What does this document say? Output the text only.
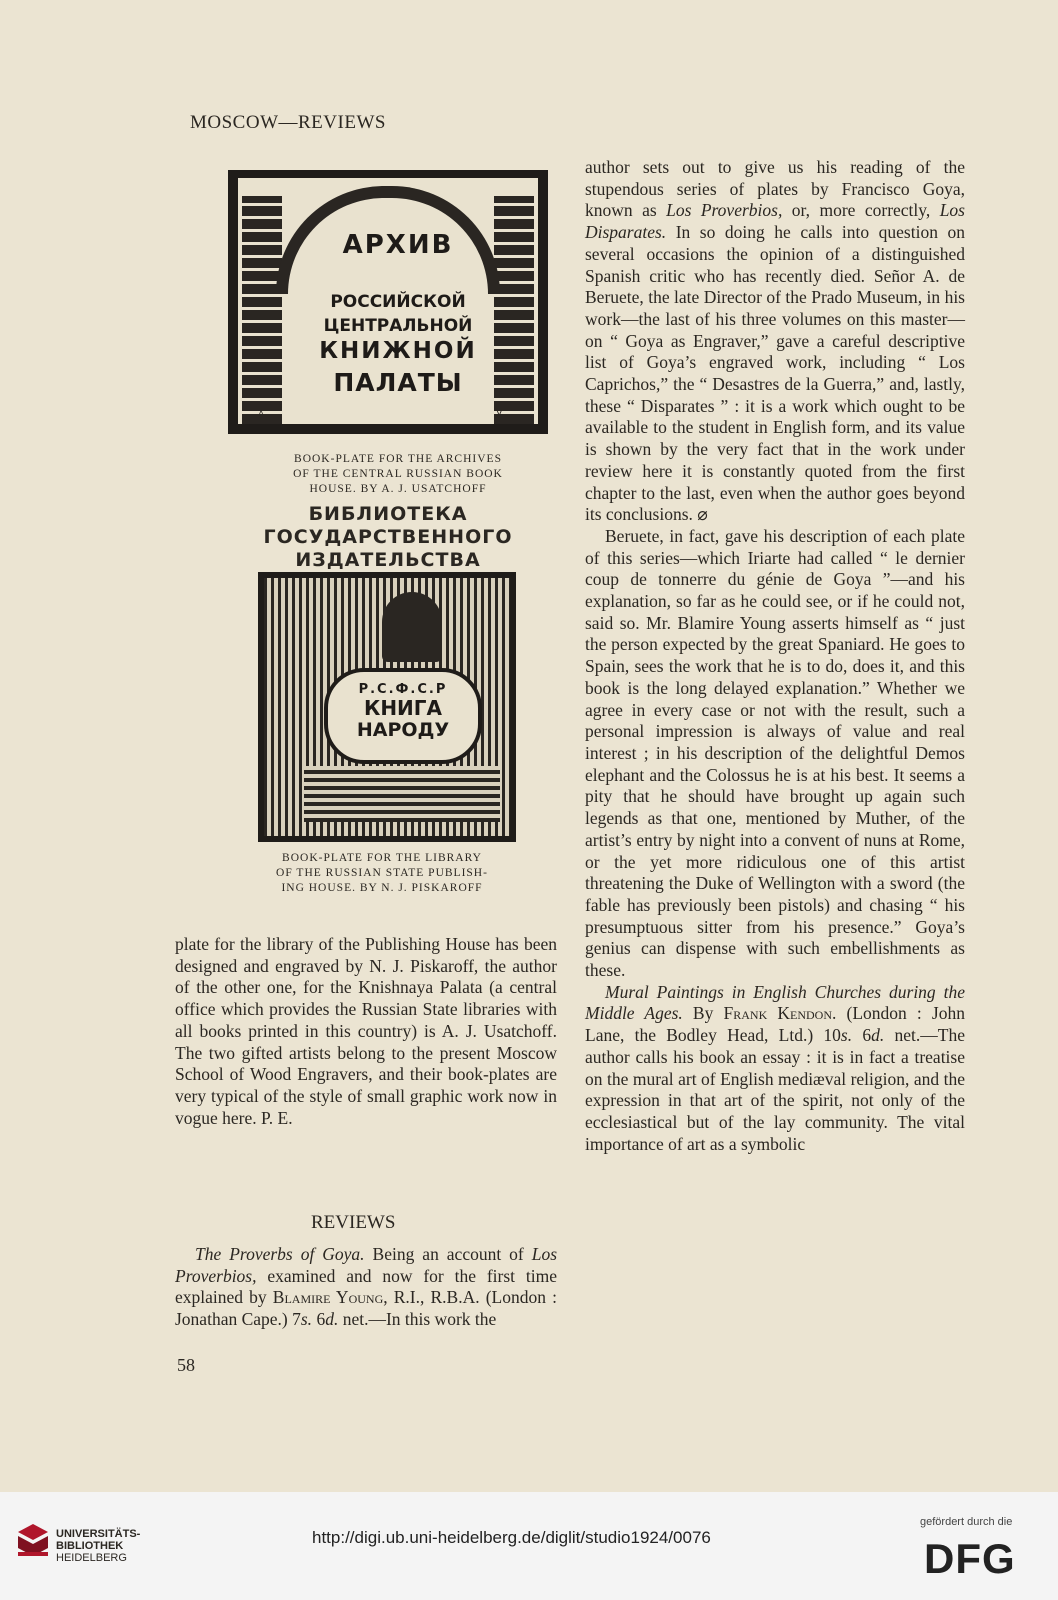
MOSCOW—REVIEWS
АРХИВ
РОССИЙСКОЙ
ЦЕНТРАЛЬНОЙ
КНИЖНОЙ
ПАЛАТЫ
А	У
BOOK-PLATE FOR THE ARCHIVES
OF THE CENTRAL RUSSIAN BOOK
HOUSE. BY A. J. USATCHOFF
БИБЛИОТЕКА
ГОСУДАРСТВЕННОГО
ИЗДАТЕЛЬСТВА
Р.С.Ф.С.Р
КНИГА
НАРОДУ
BOOK-PLATE FOR THE LIBRARY
OF THE RUSSIAN STATE PUBLISH-
ING HOUSE. BY N. J. PISKAROFF

plate for the library of the Publishing House has been designed and engraved by N. J. Piskaroff, the author of the other one, for the Knishnaya Palata (a central office which provides the Russian State libraries with all books printed in this country) is A. J. Usatchoff. The two gifted artists belong to the present Moscow School of Wood Engravers, and their book-plates are very typical of the style of small graphic work now in vogue here. P. E.

REVIEWS

The Proverbs of Goya. Being an account of Los Proverbios, examined and now for the first time explained by Blamire Young, R.I., R.B.A. (London : Jonathan Cape.) 7s. 6d. net.—In this work the

58

author sets out to give us his reading of the stupendous series of plates by Francisco Goya, known as Los Proverbios, or, more correctly, Los Disparates. In so doing he calls into question on several occasions the opinion of a distinguished Spanish critic who has recently died. Señor A. de Beruete, the late Director of the Prado Museum, in his work—the last of his three volumes on this master—on “ Goya as Engraver,” gave a careful descriptive list of Goya’s engraved work, including “ Los Caprichos,” the “ Desastres de la Guerra,” and, lastly, these “ Disparates ” : it is a work which ought to be available to the student in English form, and its value is shown by the very fact that in the work under review here it is constantly quoted from the first chapter to the last, even when the author goes beyond its conclusions. ⌀

Beruete, in fact, gave his description of each plate of this series—which Iriarte had called “ le dernier coup de tonnerre du génie de Goya ”—and his explanation, so far as he could see, or if he could not, said so. Mr. Blamire Young asserts himself as “ just the person expected by the great Spaniard. He goes to Spain, sees the work that he is to do, does it, and this book is the long delayed explanation.” Whether we agree in every case or not with the result, such a personal impression is always of value and real interest ; in his description of the delightful Demos elephant and the Colossus he is at his best. It seems a pity that he should have brought up again such legends as that one, mentioned by Muther, of the artist’s entry by night into a convent of nuns at Rome, or the yet more ridiculous one of this artist threatening the Duke of Wellington with a sword (the fable has previously been pistols) and chasing “ his presumptuous sitter from his presence.” Goya’s genius can dispense with such embellishments as these.

Mural Paintings in English Churches during the Middle Ages. By Frank Kendon. (London : John Lane, the Bodley Head, Ltd.) 10s. 6d. net.—The author calls his book an essay : it is in fact a treatise on the mural art of English mediæval religion, and the expression in that art of the spirit, not only of the ecclesiastical but of the lay community. The vital importance of art as a symbolic

UNIVERSITÄTS-
BIBLIOTHEK
HEIDELBERG
http://digi.ub.uni-heidelberg.de/diglit/studio1924/0076
gefördert durch die
DFG
